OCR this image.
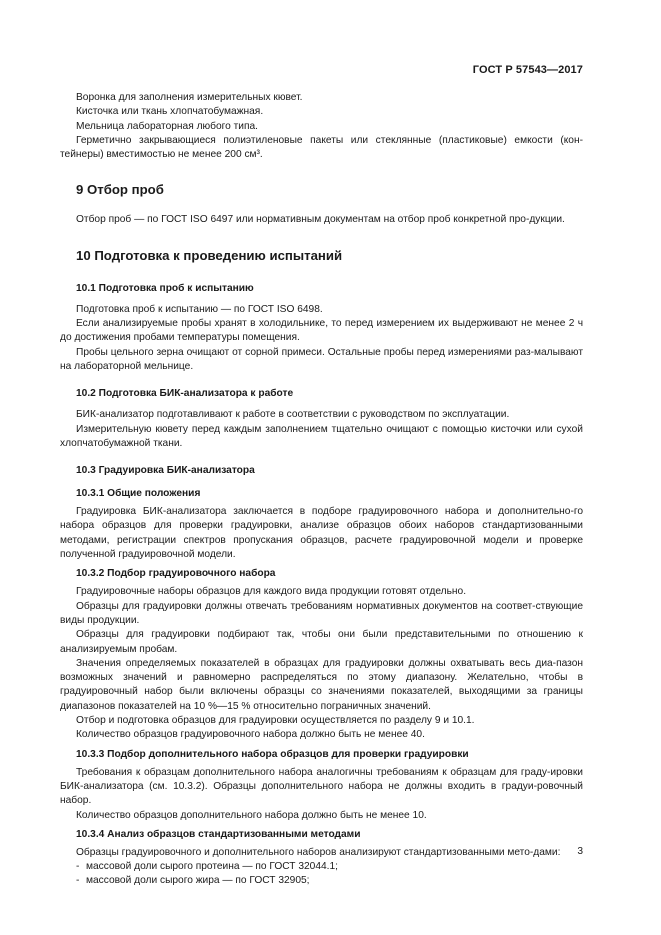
ГОСТ Р 57543—2017

Воронка для заполнения измерительных кювет.

Кисточка или ткань хлопчатобумажная.

Мельница лабораторная любого типа.

Герметично закрывающиеся полиэтиленовые пакеты или стеклянные (пластиковые) емкости (кон-тейнеры) вместимостью не менее 200 см³.

9 Отбор проб

Отбор проб — по ГОСТ ISO 6497 или нормативным документам на отбор проб конкретной про-дукции.

10 Подготовка к проведению испытаний
10.1 Подготовка проб к испытанию

Подготовка проб к испытанию — по ГОСТ ISO 6498.

Если анализируемые пробы хранят в холодильнике, то перед измерением их выдерживают не менее 2 ч до достижения пробами температуры помещения.

Пробы цельного зерна очищают от сорной примеси. Остальные пробы перед измерениями раз-малывают на лабораторной мельнице.

10.2 Подготовка БИК-анализатора к работе

БИК-анализатор подготавливают к работе в соответствии с руководством по эксплуатации.

Измерительную кювету перед каждым заполнением тщательно очищают с помощью кисточки или сухой хлопчатобумажной ткани.

10.3 Градуировка БИК-анализатора
10.3.1 Общие положения

Градуировка БИК-анализатора заключается в подборе градуировочного набора и дополнительно-го набора образцов для проверки градуировки, анализе образцов обоих наборов стандартизованными методами, регистрации спектров пропускания образцов, расчете градуировочной модели и проверке полученной градуировочной модели.

10.3.2 Подбор градуировочного набора

Градуировочные наборы образцов для каждого вида продукции готовят отдельно.

Образцы для градуировки должны отвечать требованиям нормативных документов на соответ-ствующие виды продукции.

Образцы для градуировки подбирают так, чтобы они были представительными по отношению к анализируемым пробам.

Значения определяемых показателей в образцах для градуировки должны охватывать весь диа-пазон возможных значений и равномерно распределяться по этому диапазону. Желательно, чтобы в градуировочный набор были включены образцы со значениями показателей, выходящими за границы диапазонов показателей на 10 %—15 % относительно пограничных значений.

Отбор и подготовка образцов для градуировки осуществляется по разделу 9 и 10.1.

Количество образцов градуировочного набора должно быть не менее 40.

10.3.3 Подбор дополнительного набора образцов для проверки градуировки

Требования к образцам дополнительного набора аналогичны требованиям к образцам для граду-ировки БИК-анализатора (см. 10.3.2). Образцы дополнительного набора не должны входить в градуи-ровочный набор.

Количество образцов дополнительного набора должно быть не менее 10.

10.3.4 Анализ образцов стандартизованными методами

Образцы градуировочного и дополнительного наборов анализируют стандартизованными мето-дами:

- массовой доли сырого протеина — по ГОСТ 32044.1;
- массовой доли сырого жира — по ГОСТ 32905;
3
